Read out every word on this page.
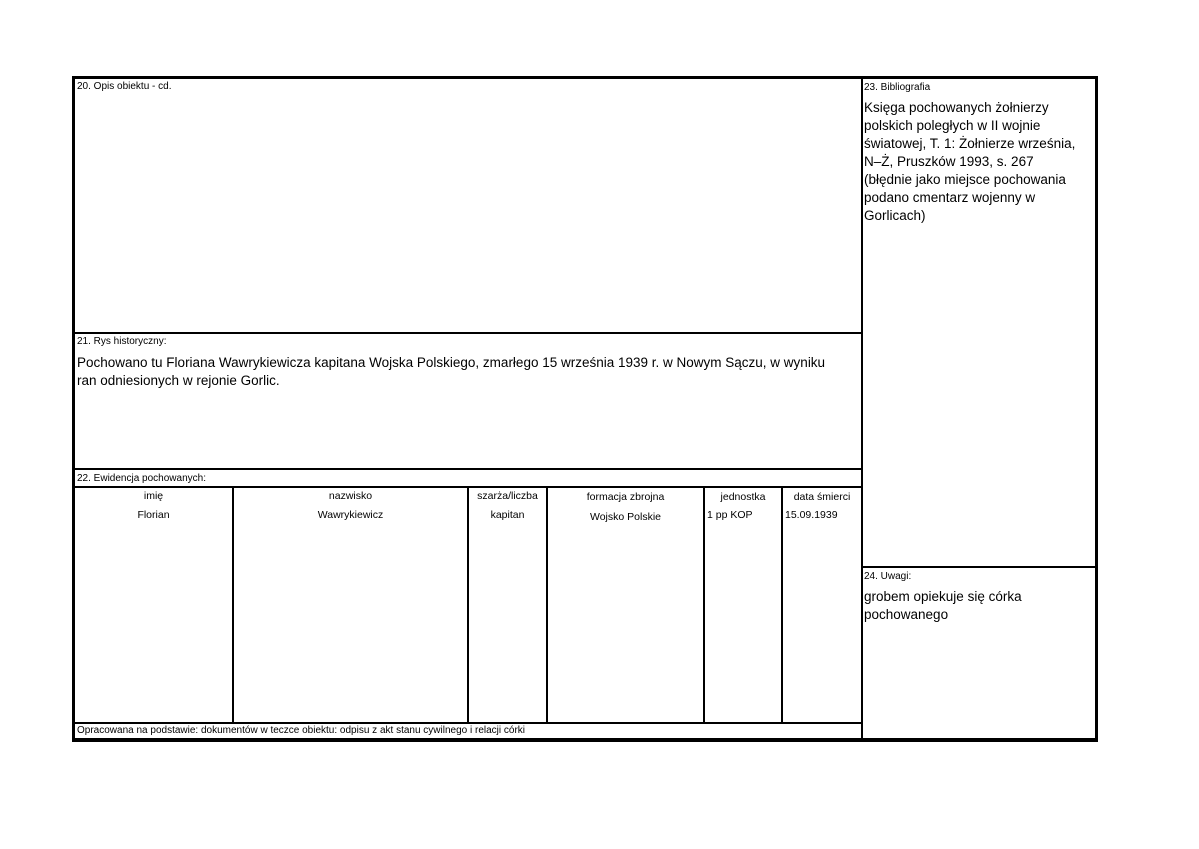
20. Opis obiektu - cd.
21. Rys historyczny:
Pochowano tu Floriana Wawrykiewicza kapitana Wojska Polskiego, zmarłego 15 września 1939 r. w Nowym Sączu, w wyniku ran odniesionych w rejonie Gorlic.
22. Ewidencja pochowanych:
imię	nazwisko	szarża/liczba	formacja zbrojna	jednostka	data śmierci
Florian	Wawrykiewicz	kapitan	Wojsko Polskie	1 pp KOP	15.09.1939
Opracowana na podstawie: dokumentów w teczce obiektu: odpisu z akt stanu cywilnego i relacji córki
23. Bibliografia
Księga pochowanych żołnierzy
polskich poległych w II wojnie
światowej, T. 1: Żołnierze września,
N–Ż, Pruszków 1993, s. 267
(błędnie jako miejsce pochowania
podano cmentarz wojenny w
Gorlicach)
24. Uwagi:
grobem opiekuje się córka
pochowanego
